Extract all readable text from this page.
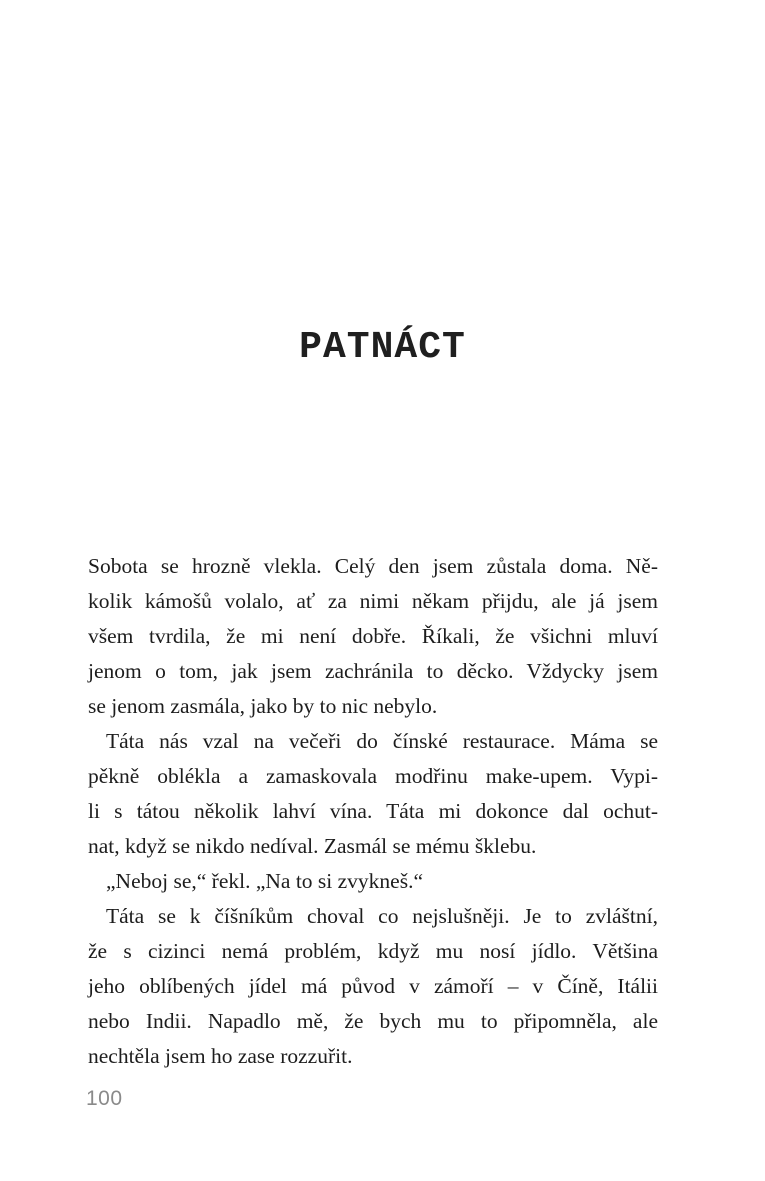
PATNÁCT
Sobota se hrozně vlekla. Celý den jsem zůstala doma. Ně-
kolik kámošů volalo, ať za nimi někam přijdu, ale já jsem
všem tvrdila, že mi není dobře. Říkali, že všichni mluví
jenom o tom, jak jsem zachránila to děcko. Vždycky jsem
se jenom zasmála, jako by to nic nebylo.
Táta nás vzal na večeři do čínské restaurace. Máma se
pěkně oblékla a zamaskovala modřinu make-upem. Vypi-
li s tátou několik lahví vína. Táta mi dokonce dal ochut-
nat, když se nikdo nedíval. Zasmál se mému šklebu.
„Neboj se,“ řekl. „Na to si zvykneš.“
Táta se k číšníkům choval co nejslušněji. Je to zvláštní,
že s cizinci nemá problém, když mu nosí jídlo. Většina
jeho oblíbených jídel má původ v zámoří – v Číně, Itálii
nebo Indii. Napadlo mě, že bych mu to připomněla, ale
nechtěla jsem ho zase rozzuřit.
100
